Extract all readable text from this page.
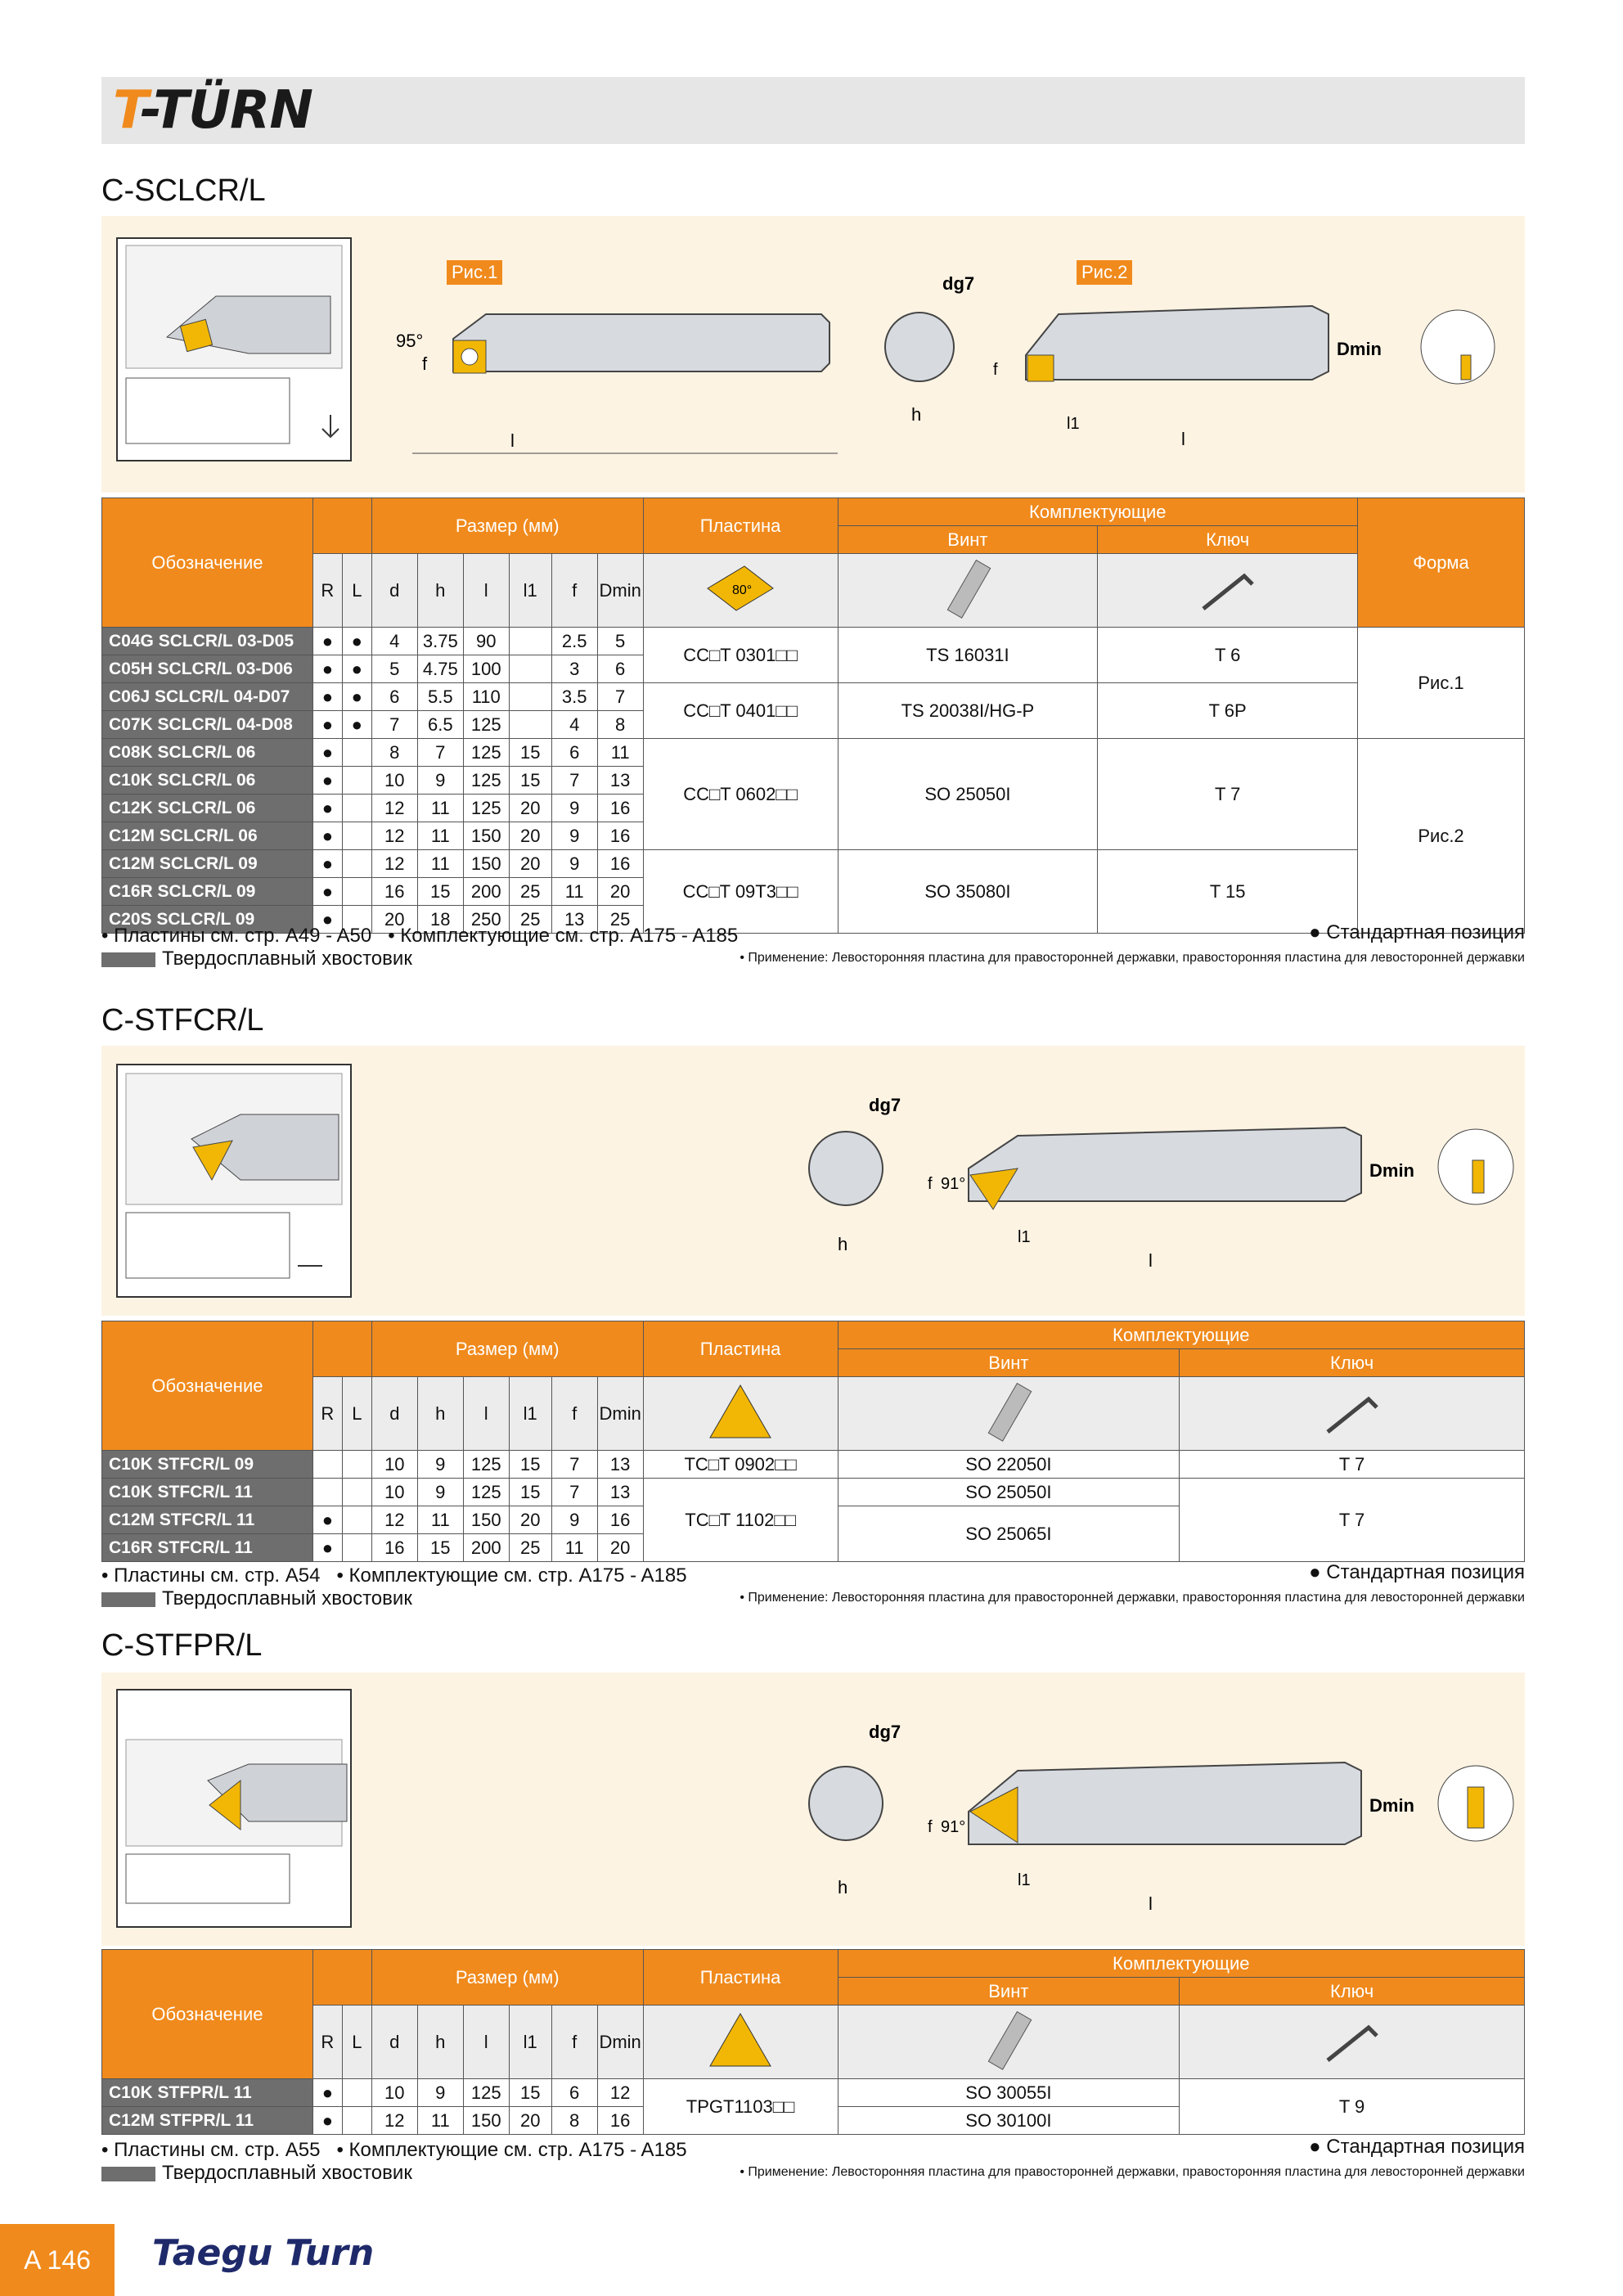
T-TÜRN
C-SCLCR/L
Рис.1
95°
l
f
Рис.2
dg7
h
f
l1
l
Dmin
Обозначение			Размер (мм)						Пластина	Комплектующие		Форма
										Винт	Ключ	
	R	L	d	h	l	l1	f	Dmin	80°

C04G SCLCR/L 03-D05	●	●	4	3.75	90		2.5	5	CC□T 0301□□	TS 16031I	T 6	Рис.1
C05H SCLCR/L 03-D06	●	●	5	4.75	100		3	6				
C06J SCLCR/L 04-D07	●	●	6	5.5	110		3.5	7	CC□T 0401□□	TS 20038I/HG-P	T 6P	
C07K SCLCR/L 04-D08	●	●	7	6.5	125		4	8				
C08K SCLCR/L 06	●		8	7	125	15	6	11	CC□T 0602□□	SO 25050I	T 7	Рис.2
C10K SCLCR/L 06	●		10	9	125	15	7	13				
C12K SCLCR/L 06	●		12	11	125	20	9	16				
C12M SCLCR/L 06	●		12	11	150	20	9	16				
C12M SCLCR/L 09	●		12	11	150	20	9	16	CC□T 09T3□□	SO 35080I	T 15	
C16R SCLCR/L 09	●		16	15	200	25	11	20				
C20S SCLCR/L 09	●		20	18	250	25	13	25				
• Пластины см. стр. A49 - A50 • Комплектующие см. стр. A175 - A185
Твердосплавный хвостовик
● Стандартная позиция
• Применение: Левосторонняя пластина для правосторонней державки, правосторонняя пластина для левосторонней державки
C-STFCR/L
dg7
h
f 91°
l1
l
Dmin
Обозначение			Размер (мм)						Пластина	Комплектующие	
										Винт	Ключ
	R	L	d	h	l	l1	f	Dmin			
C10K STFCR/L 09			10	9	125	15	7	13	TC□T 0902□□	SO 22050I	T 7
C10K STFCR/L 11			10	9	125	15	7	13	TC□T 1102□□	SO 25050I	T 7
C12M STFCR/L 11	●		12	11	150	20	9	16		SO 25065I	
C16R STFCR/L 11	●		16	15	200	25	11	20			
• Пластины см. стр. A54 • Комплектующие см. стр. A175 - A185
Твердосплавный хвостовик
● Стандартная позиция
• Применение: Левосторонняя пластина для правосторонней державки, правосторонняя пластина для левосторонней державки
C-STFPR/L
dg7
h
f 91°
l1
l
Dmin
Обозначение			Размер (мм)						Пластина	Комплектующие	
										Винт	Ключ
	R	L	d	h	l	l1	f	Dmin			
C10K STFPR/L 11	●		10	9	125	15	6	12	TPGT1103□□	SO 30055I	T 9
C12M STFPR/L 11	●		12	11	150	20	8	16		SO 30100I	
• Пластины см. стр. A55 • Комплектующие см. стр. A175 - A185
Твердосплавный хвостовик
● Стандартная позиция
• Применение: Левосторонняя пластина для правосторонней державки, правосторонняя пластина для левосторонней державки
A 146	Taegu Turn
